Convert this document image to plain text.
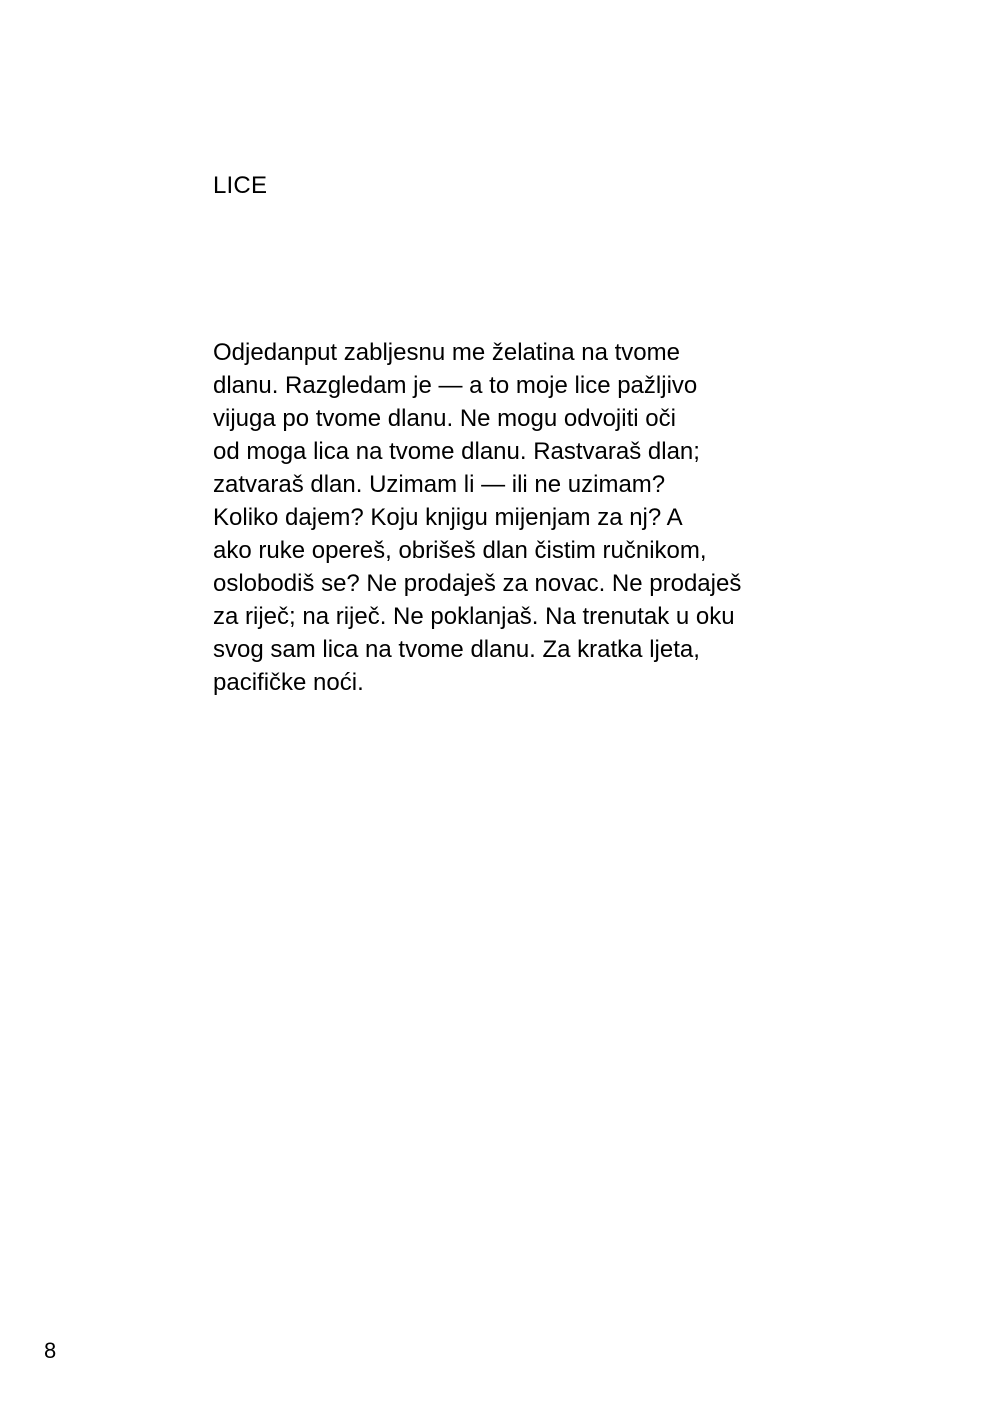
LICE
Odjedanput zabljesnu me želatina na tvome
dlanu. Razgledam je — a to moje lice pažljivo
vijuga po tvome dlanu. Ne mogu odvojiti oči
od moga lica na tvome dlanu. Rastvaraš dlan;
zatvaraš dlan. Uzimam li — ili ne uzimam?
Koliko dajem? Koju knjigu mijenjam za nj? A
ako ruke opereš, obrišeš dlan čistim ručnikom,
oslobodiš se? Ne prodaješ za novac. Ne prodaješ
za riječ; na riječ. Ne poklanjaš. Na trenutak u oku
svog sam lica na tvome dlanu. Za kratka ljeta,
pacifičke noći.
8
